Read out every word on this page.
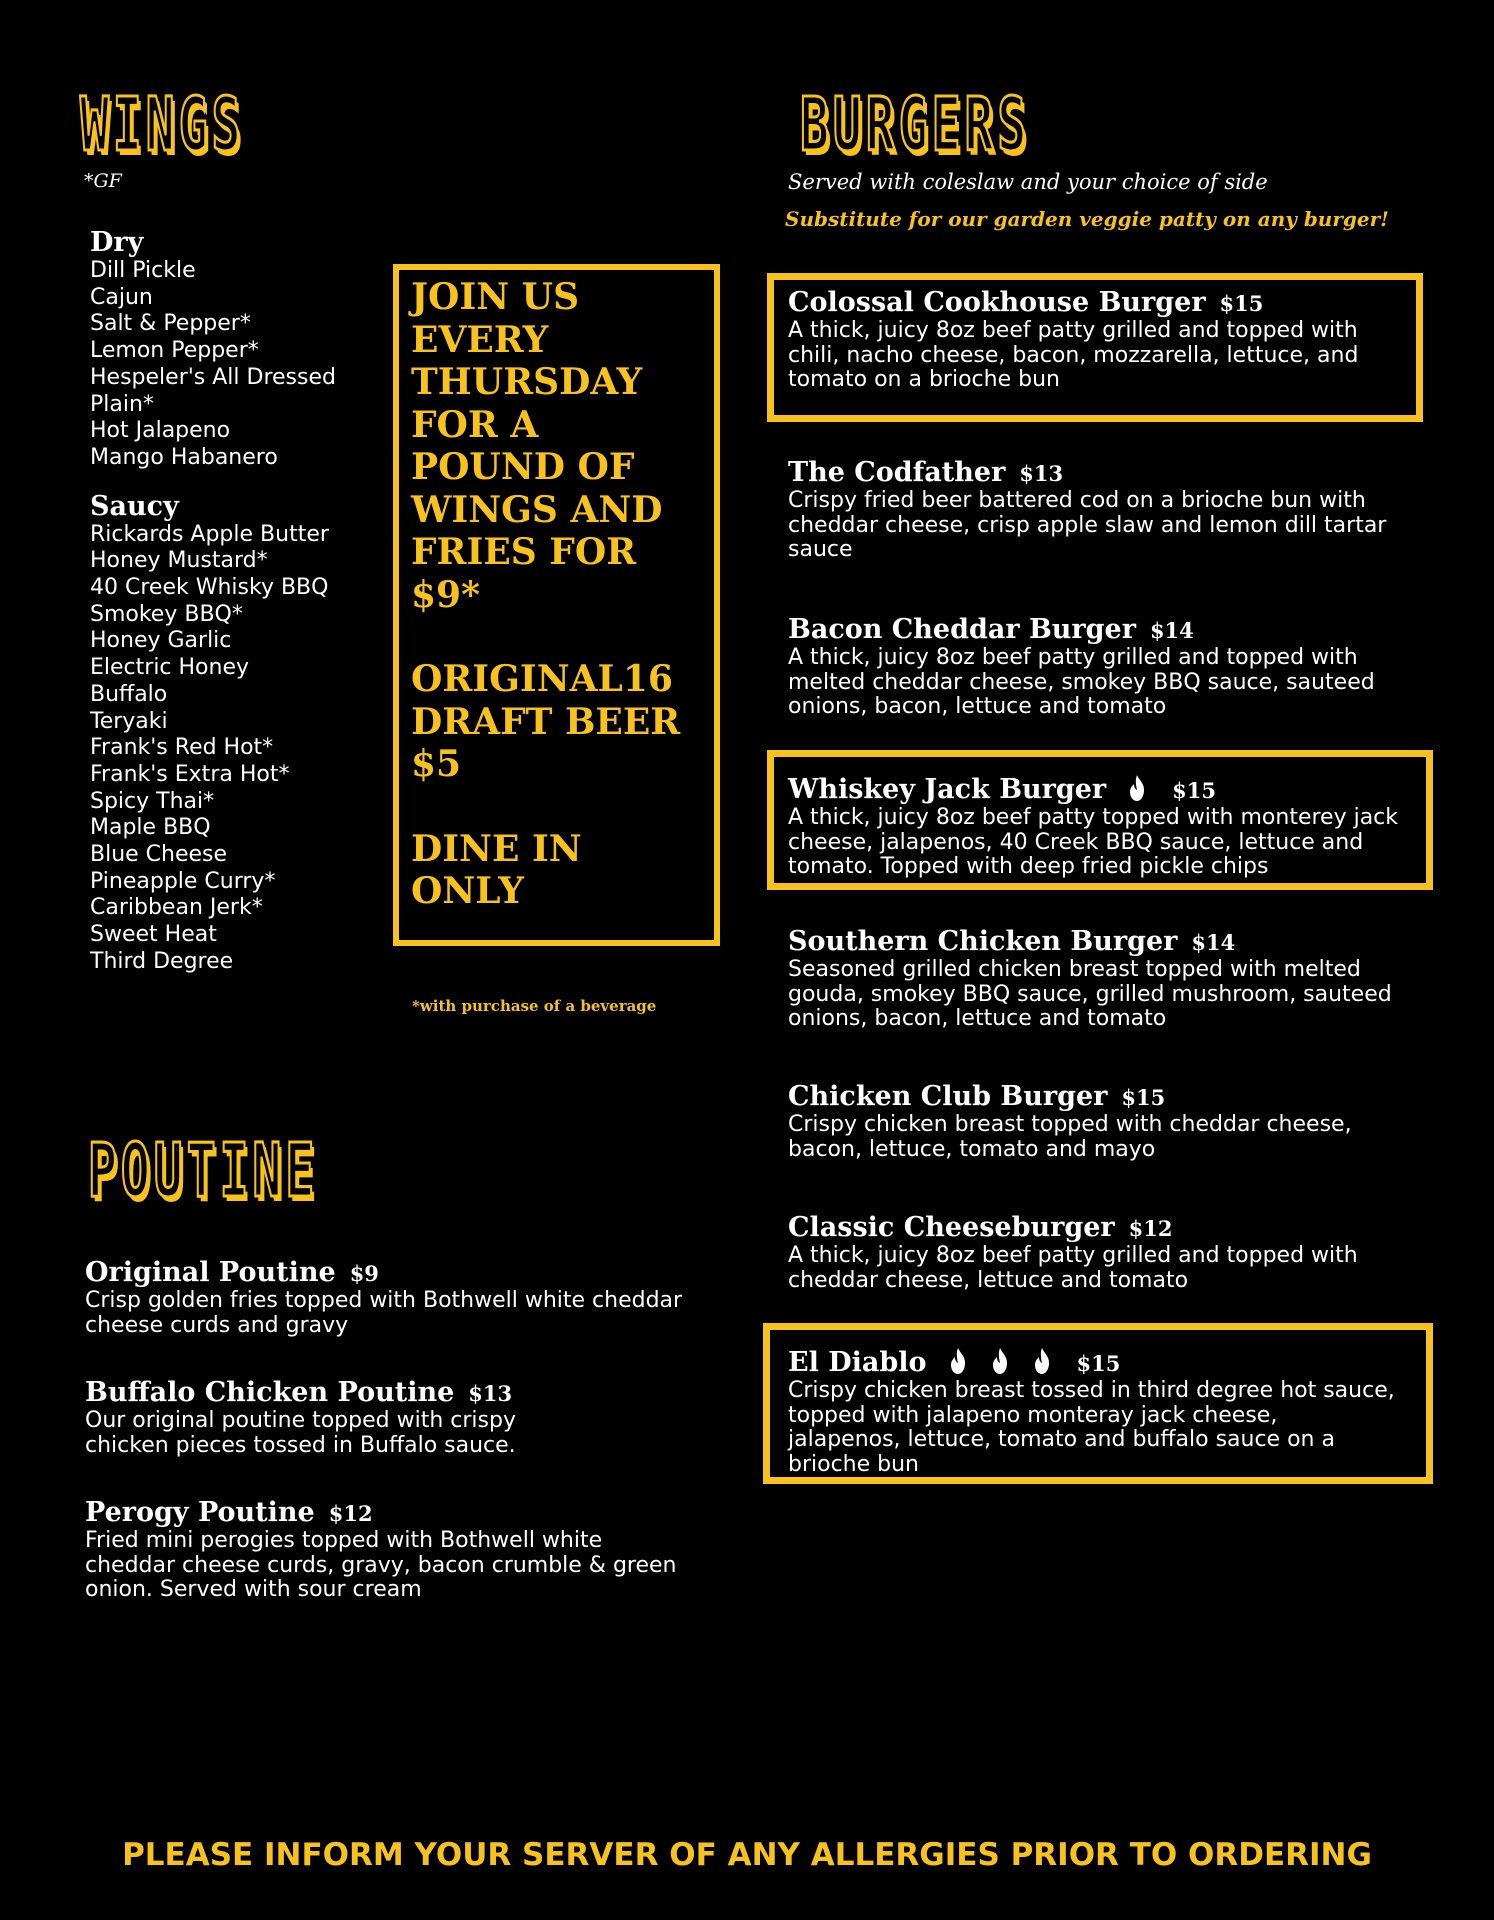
WINGS
*GF
Dry
Dill Pickle
Cajun
Salt & Pepper*
Lemon Pepper*
Hespeler's All Dressed
Plain*
Hot Jalapeno
Mango Habanero
Saucy
Rickards Apple Butter
Honey Mustard*
40 Creek Whisky BBQ
Smokey BBQ*
Honey Garlic
Electric Honey
Buffalo
Teryaki
Frank's Red Hot*
Frank's Extra Hot*
Spicy Thai*
Maple BBQ
Blue Cheese
Pineapple Curry*
Caribbean Jerk*
Sweet Heat
Third Degree
JOIN US
EVERY
THURSDAY
FOR A
POUND OF
WINGS AND
FRIES FOR
$9*
ORIGINAL16
DRAFT BEER
$5
DINE IN
ONLY
*with purchase of a beverage
POUTINE
Original Poutine $9
Crisp golden fries topped with Bothwell white cheddar
cheese curds and gravy
Buffalo Chicken Poutine $13
Our original poutine topped with crispy
chicken pieces tossed in Buffalo sauce.
Perogy Poutine $12
Fried mini perogies topped with Bothwell white
cheddar cheese curds, gravy, bacon crumble & green
onion. Served with sour cream
BURGERS
Served with coleslaw and your choice of side
Substitute for our garden veggie patty on any burger!
Colossal Cookhouse Burger $15
A thick, juicy 8oz beef patty grilled and topped with
chili, nacho cheese, bacon, mozzarella, lettuce, and
tomato on a brioche bun
The Codfather $13
Crispy fried beer battered cod on a brioche bun with
cheddar cheese, crisp apple slaw and lemon dill tartar
sauce
Bacon Cheddar Burger $14
A thick, juicy 8oz beef patty grilled and topped with
melted cheddar cheese, smokey BBQ sauce, sauteed
onions, bacon, lettuce and tomato
Whiskey Jack Burger	$15
A thick, juicy 8oz beef patty topped with monterey jack
cheese, jalapenos, 40 Creek BBQ sauce, lettuce and
tomato. Topped with deep fried pickle chips
Southern Chicken Burger $14
Seasoned grilled chicken breast topped with melted
gouda, smokey BBQ sauce, grilled mushroom, sauteed
onions, bacon, lettuce and tomato
Chicken Club Burger $15
Crispy chicken breast topped with cheddar cheese,
bacon, lettuce, tomato and mayo
Classic Cheeseburger $12
A thick, juicy 8oz beef patty grilled and topped with
cheddar cheese, lettuce and tomato
El Diablo	$15
Crispy chicken breast tossed in third degree hot sauce,
topped with jalapeno monteray jack cheese,
jalapenos, lettuce, tomato and buffalo sauce on a
brioche bun
PLEASE INFORM YOUR SERVER OF ANY ALLERGIES PRIOR TO ORDERING
